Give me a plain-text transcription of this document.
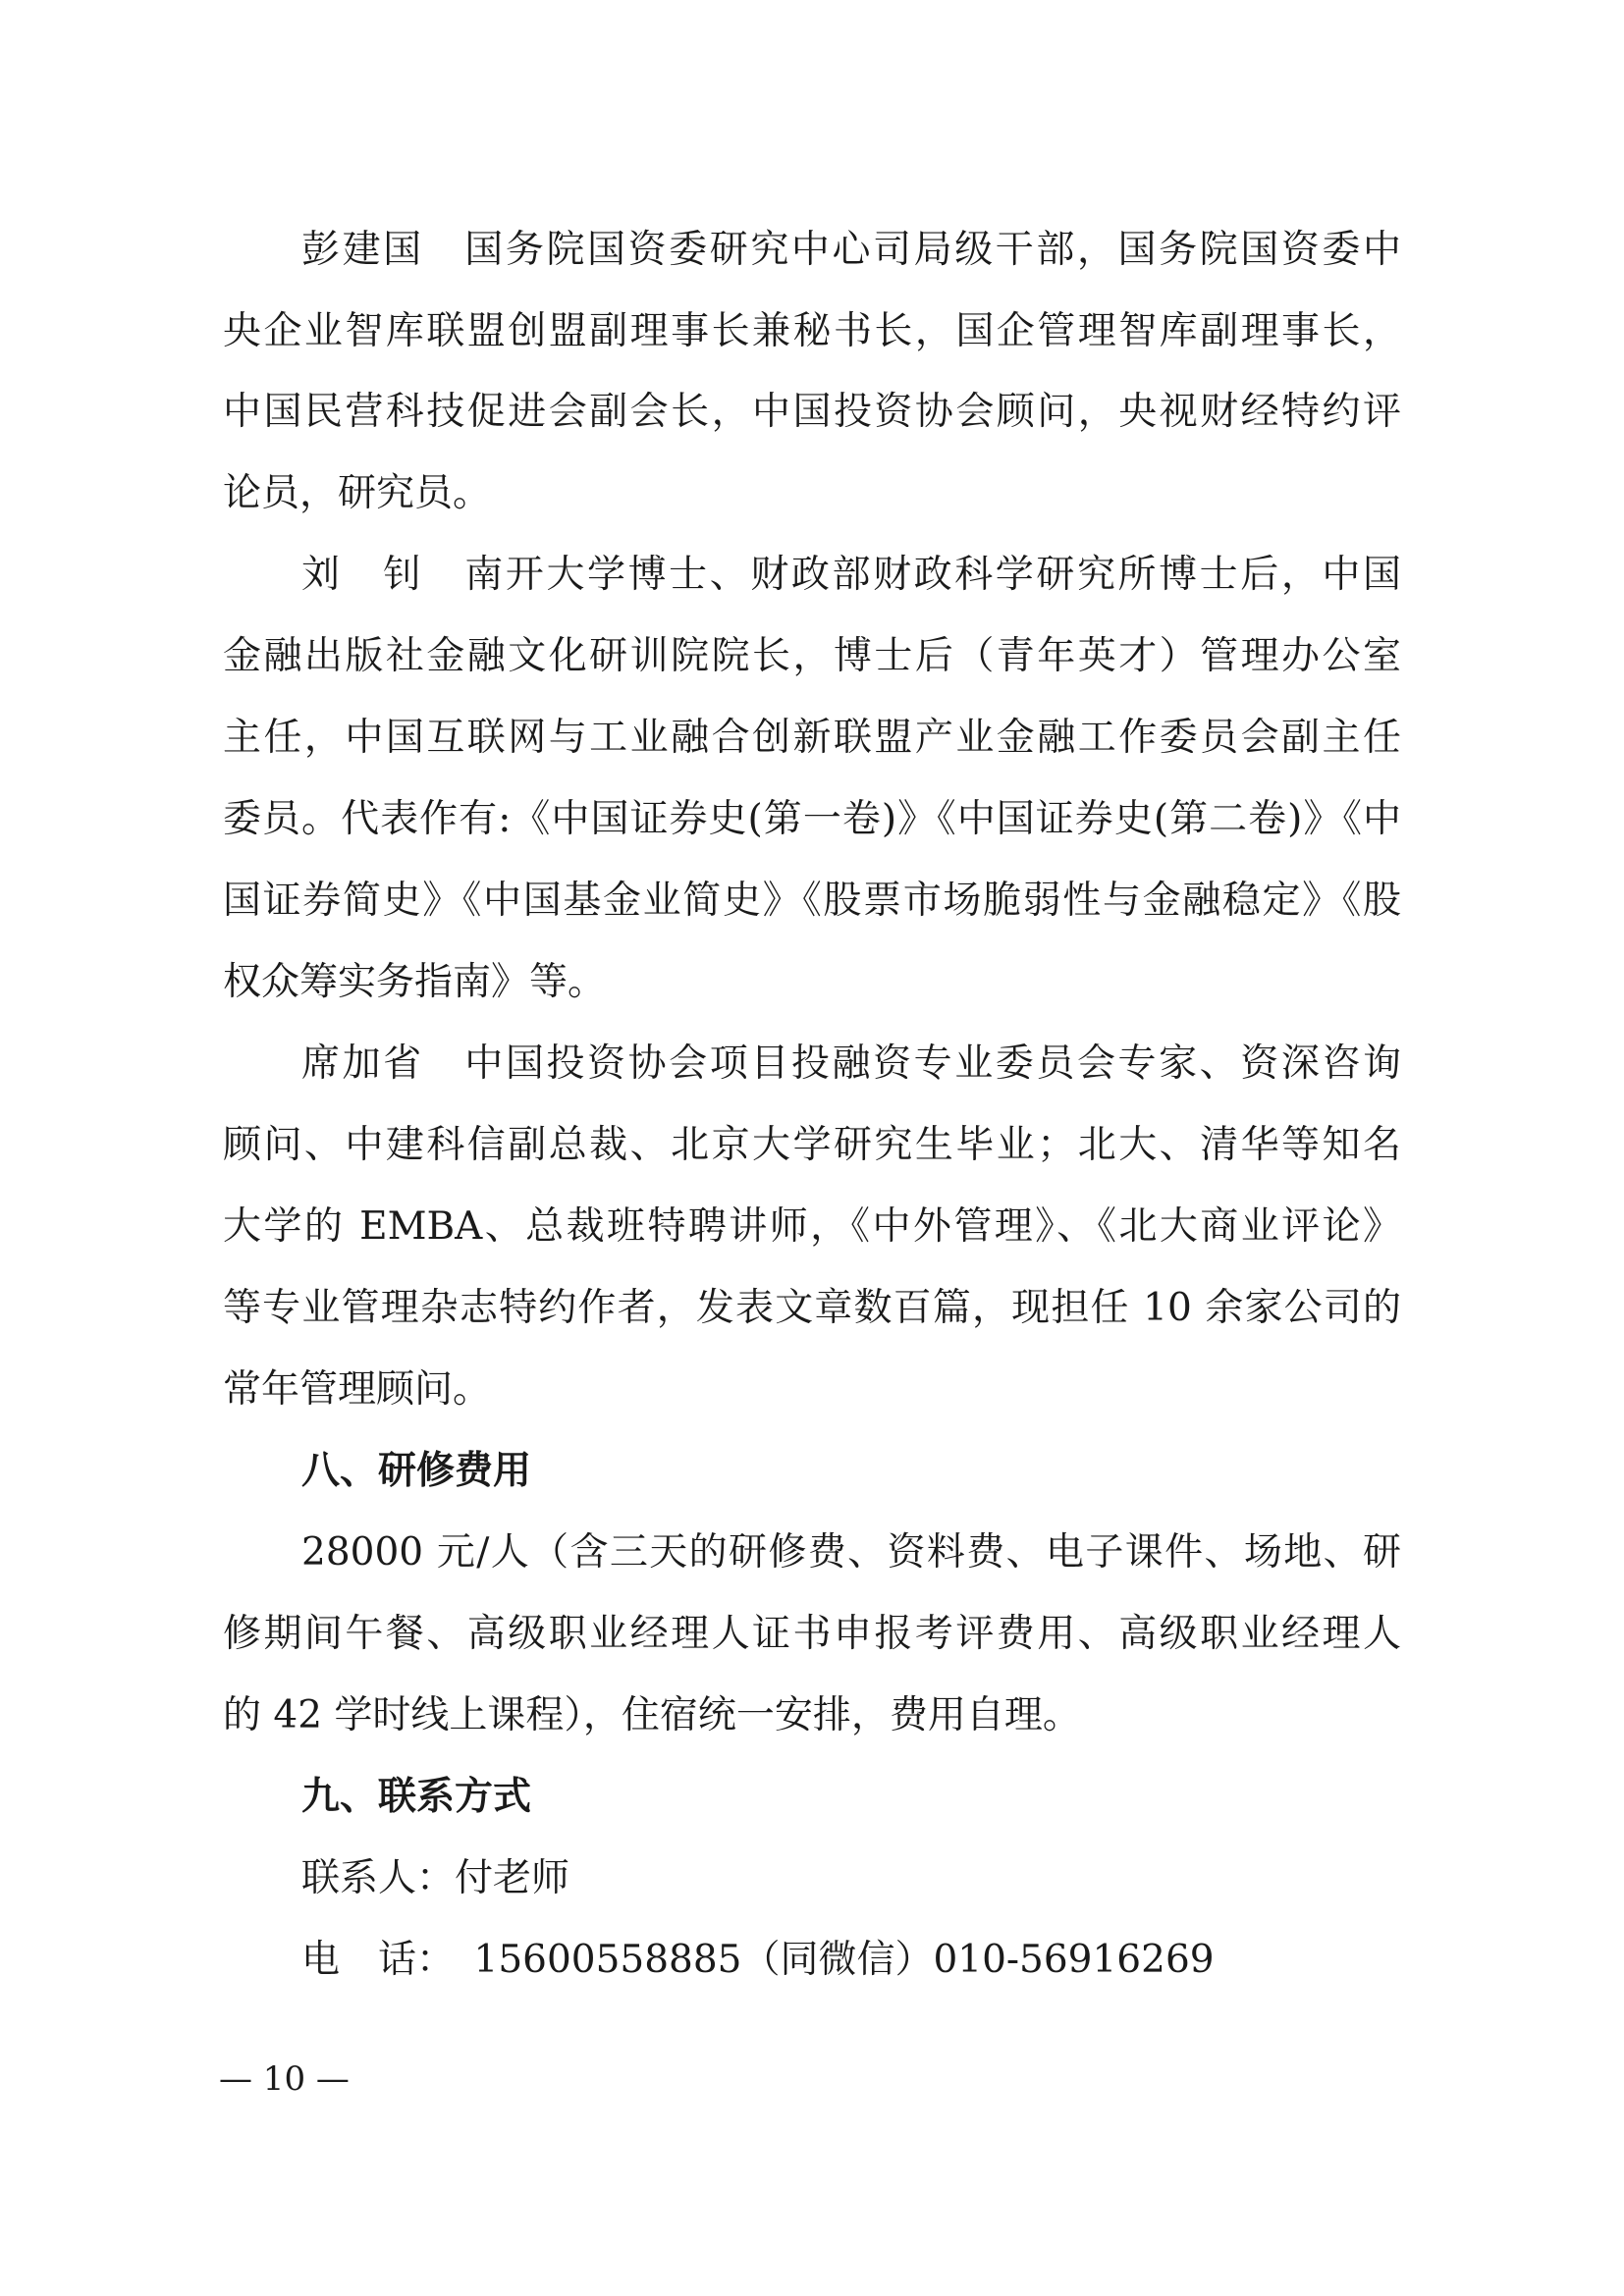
彭建国　国务院国资委研究中心司局级干部，国务院国资委中
央企业智库联盟创盟副理事长兼秘书长，国企管理智库副理事长，
中国民营科技促进会副会长，中国投资协会顾问，央视财经特约评
论员，研究员。
刘　钊　南开大学博士、财政部财政科学研究所博士后，中国
金融出版社金融文化研训院院长，博士后（青年英才）管理办公室
主任，中国互联网与工业融合创新联盟产业金融工作委员会副主任
委员。代表作有:《中国证券史(第一卷)》《中国证券史(第二卷)》《中
国证券简史》《中国基金业简史》《股票市场脆弱性与金融稳定》《股
权众筹实务指南》等。
席加省　中国投资协会项目投融资专业委员会专家、资深咨询
顾问、中建科信副总裁、北京大学研究生毕业；北大、清华等知名
大学的 EMBA、总裁班特聘讲师，《中外管理》、《北大商业评论》
等专业管理杂志特约作者，发表文章数百篇，现担任 10 余家公司的
常年管理顾问。
八、研修费用
28000 元/人（含三天的研修费、资料费、电子课件、场地、研
修期间午餐、高级职业经理人证书申报考评费用、高级职业经理人
的 42 学时线上课程），住宿统一安排，费用自理。
九、联系方式
联系人：付老师
电　话：　15600558885（同微信）010-56916269
— 10 —
